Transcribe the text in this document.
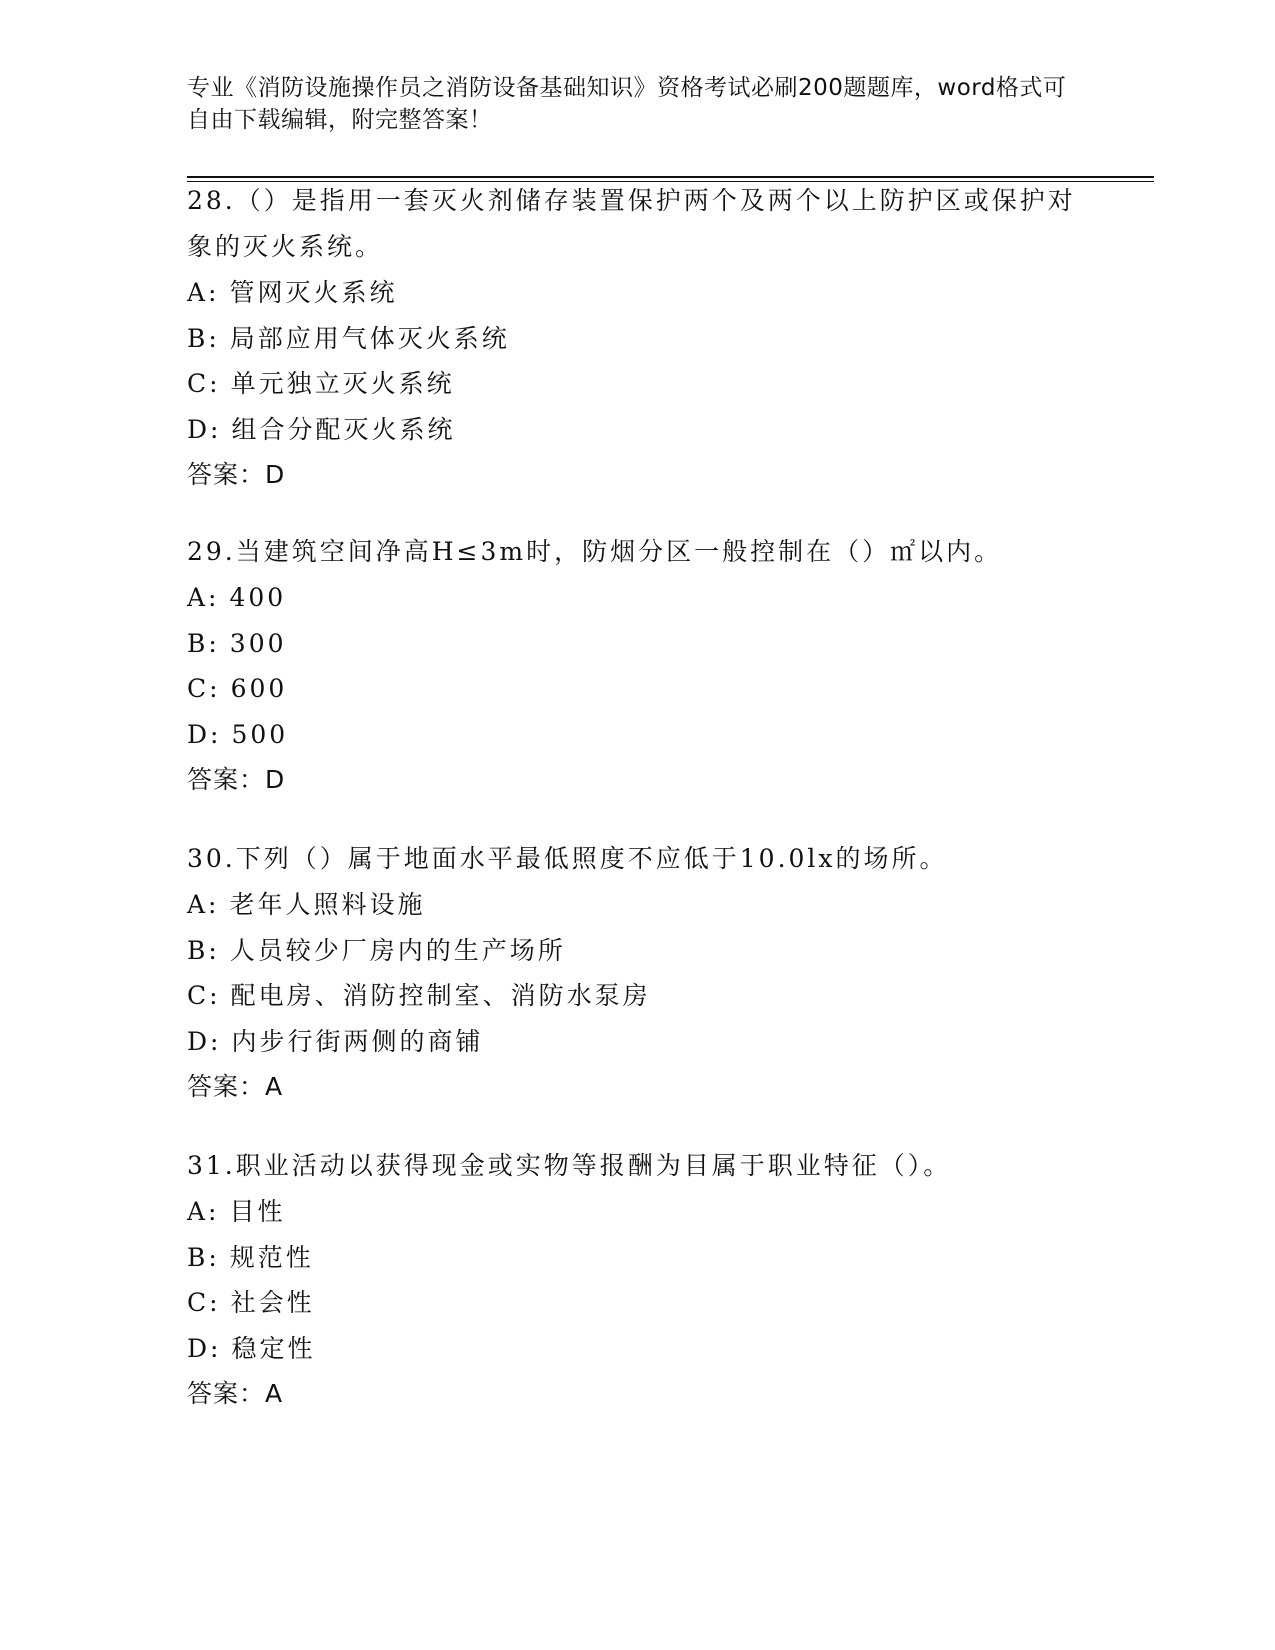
专业《消防设施操作员之消防设备基础知识》资格考试必刷200题题库，word格式可自由下载编辑，附完整答案！

28.（）是指用一套灭火剂储存装置保护两个及两个以上防护区或保护对象的灭火系统。

A: 管网灭火系统
B: 局部应用气体灭火系统
C: 单元独立灭火系统
D: 组合分配灭火系统

答案：D

29.当建筑空间净高H≤3m时，防烟分区一般控制在（）㎡以内。

A: 400
B: 300
C: 600
D: 500

答案：D

30.下列（）属于地面水平最低照度不应低于10.0lx的场所。

A: 老年人照料设施
B: 人员较少厂房内的生产场所
C: 配电房、消防控制室、消防水泵房
D: 内步行街两侧的商铺

答案：A

31.职业活动以获得现金或实物等报酬为目属于职业特征（）。

A: 目性
B: 规范性
C: 社会性
D: 稳定性

答案：A
